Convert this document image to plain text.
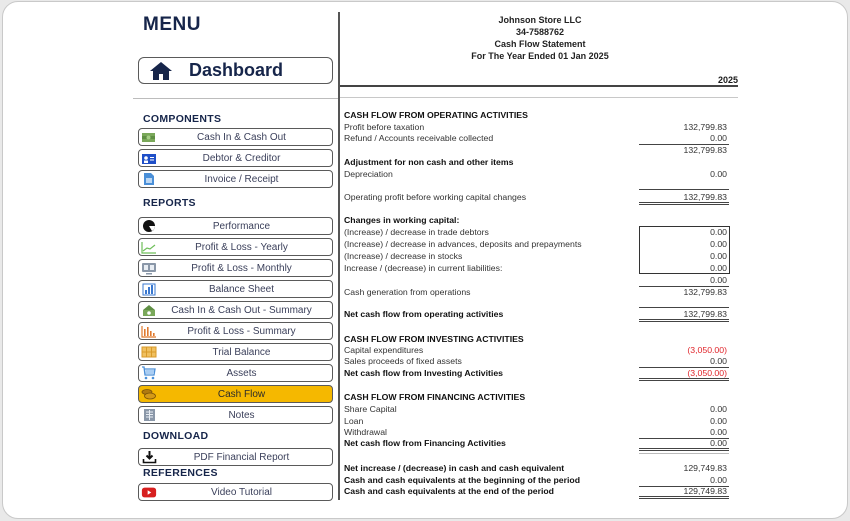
MENU
Dashboard
COMPONENTS
Cash In & Cash Out
Debtor & Creditor
Invoice / Receipt
REPORTS
Performance
Profit & Loss - Yearly
Profit & Loss - Monthly
Balance Sheet
Cash In & Cash Out - Summary
Profit & Loss - Summary
Trial Balance
Assets
Cash Flow
Notes
DOWNLOAD
PDF Financial Report
REFERENCES
Video Tutorial
Johnson Store LLC
34-7588762
Cash Flow Statement
For The Year Ended 01 Jan 2025
2025
CASH FLOW FROM OPERATING ACTIVITIES
Profit before taxation	132,799.83
Refund / Accounts receivable collected	0.00
132,799.83
Adjustment for non cash and other items
Depreciation	0.00
Operating profit before working capital changes	132,799.83
Changes in working capital:
(Increase) / decrease in trade debtors	0.00
(Increase) / decrease in advances, deposits and prepayments	0.00
(Increase) / decrease in stocks	0.00
Increase / (decrease) in current liabilities:	0.00
0.00
Cash generation from operations	132,799.83
Net cash flow from operating activities	132,799.83
CASH FLOW FROM INVESTING ACTIVITIES
Capital expenditures	(3,050.00)
Sales proceeds of fixed assets	0.00
Net cash flow from Investing Activities	(3,050.00)
CASH FLOW FROM FINANCING ACTIVITIES
Share Capital	0.00
Loan	0.00
Withdrawal	0.00
Net cash flow from Financing Activities	0.00
Net increase / (decrease) in cash and cash equivalent	129,749.83
Cash and cash equivalents at the beginning of the period	0.00
Cash and cash equivalents at the end of the period	129,749.83
